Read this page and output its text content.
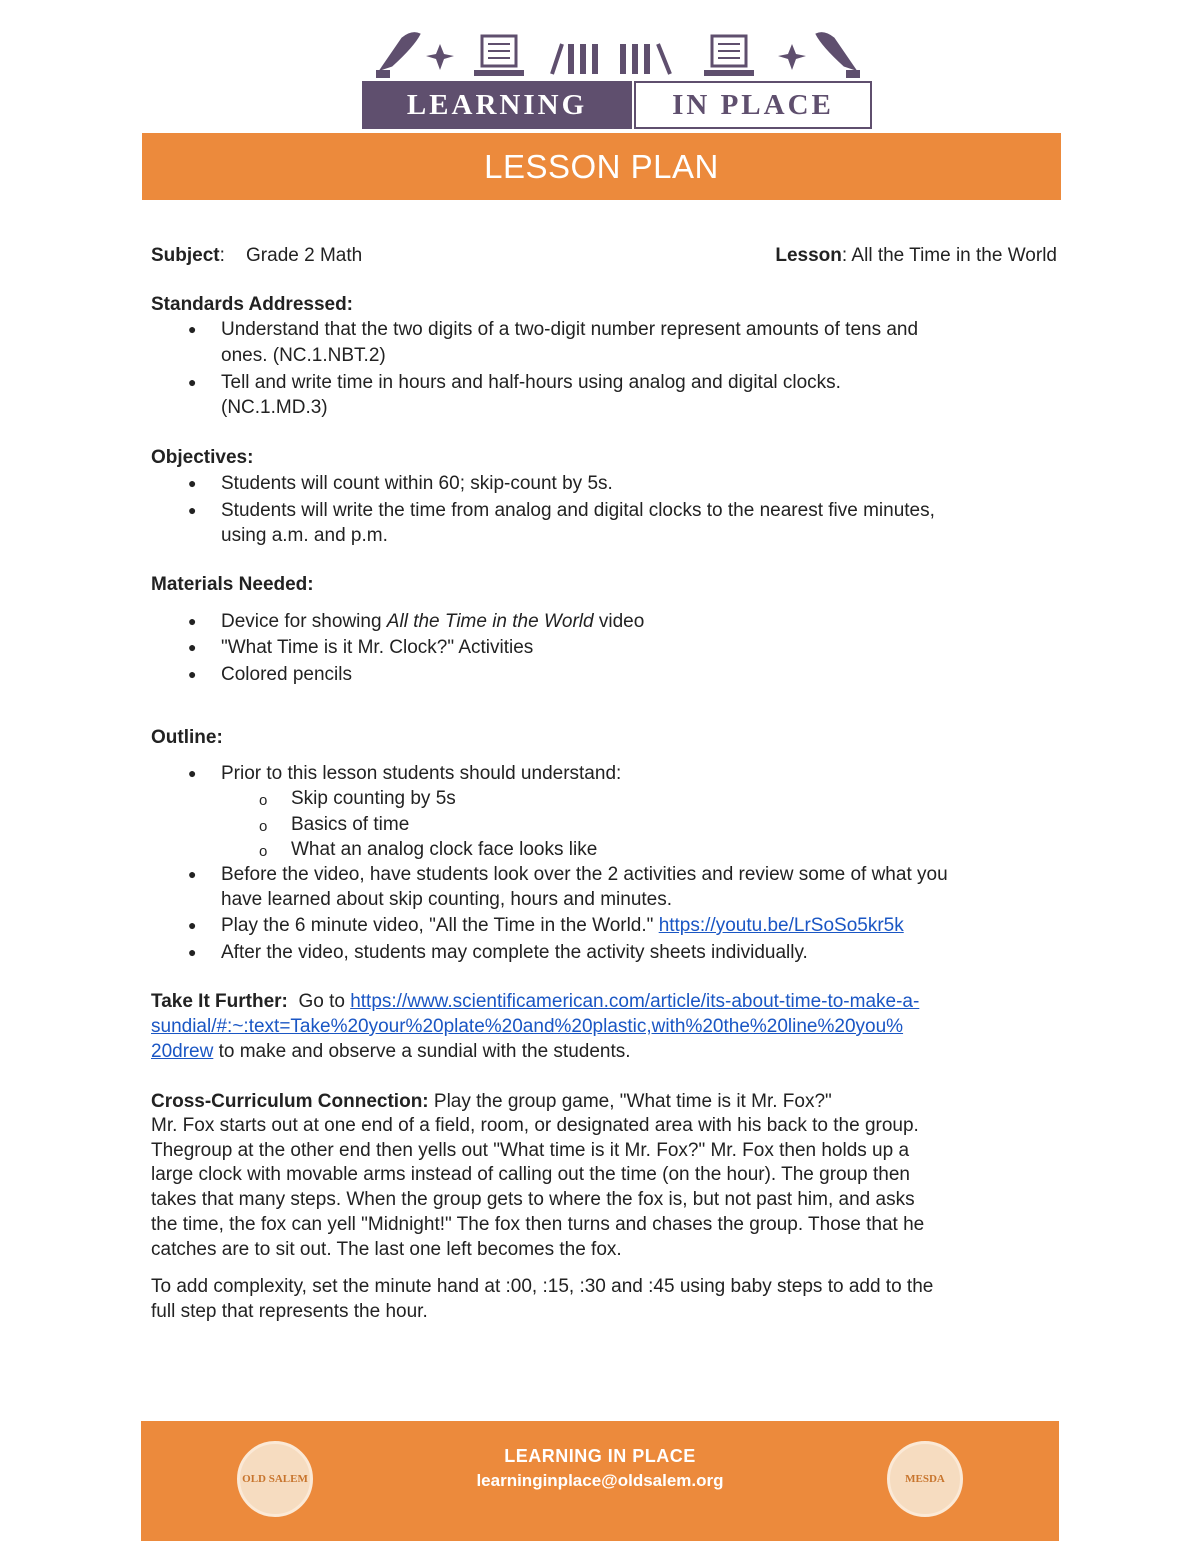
LEARNING	IN PLACE
LESSON PLAN
Subject:    Grade 2 Math	Lesson: All the Time in the World
Standards Addressed:
● Understand that the two digits of a two-digit number represent amounts of tens and
ones. (NC.1.NBT.2)
● Tell and write time in hours and half-hours using analog and digital clocks.
(NC.1.MD.3)
Objectives:
● Students will count within 60; skip-count by 5s.
● Students will write the time from analog and digital clocks to the nearest five minutes,
using a.m. and p.m.
Materials Needed:
● Device for showing All the Time in the World video
● "What Time is it Mr. Clock?" Activities
● Colored pencils
Outline:
● Prior to this lesson students should understand:
o Skip counting by 5s
o Basics of time
o What an analog clock face looks like
● Before the video, have students look over the 2 activities and review some of what you
have learned about skip counting, hours and minutes.
● Play the 6 minute video, "All the Time in the World." https://youtu.be/LrSoSo5kr5k
● After the video, students may complete the activity sheets individually.
Take It Further:  Go to https://www.scientificamerican.com/article/its-about-time-to-make-a-
sundial/#:~:text=Take%20your%20plate%20and%20plastic,with%20the%20line%20you%
20drew to make and observe a sundial with the students.
Cross-Curriculum Connection: Play the group game, "What time is it Mr. Fox?"
Mr. Fox starts out at one end of a field, room, or designated area with his back to the group.
Thegroup at the other end then yells out "What time is it Mr. Fox?" Mr. Fox then holds up a
large clock with movable arms instead of calling out the time (on the hour). The group then
takes that many steps. When the group gets to where the fox is, but not past him, and asks
the time, the fox can yell "Midnight!" The fox then turns and chases the group. Those that he
catches are to sit out. The last one left becomes the fox.
To add complexity, set the minute hand at :00, :15, :30 and :45 using baby steps to add to the
full step that represents the hour.
OLD SALEM
LEARNING IN PLACE
learninginplace@oldsalem.org	MESDA
